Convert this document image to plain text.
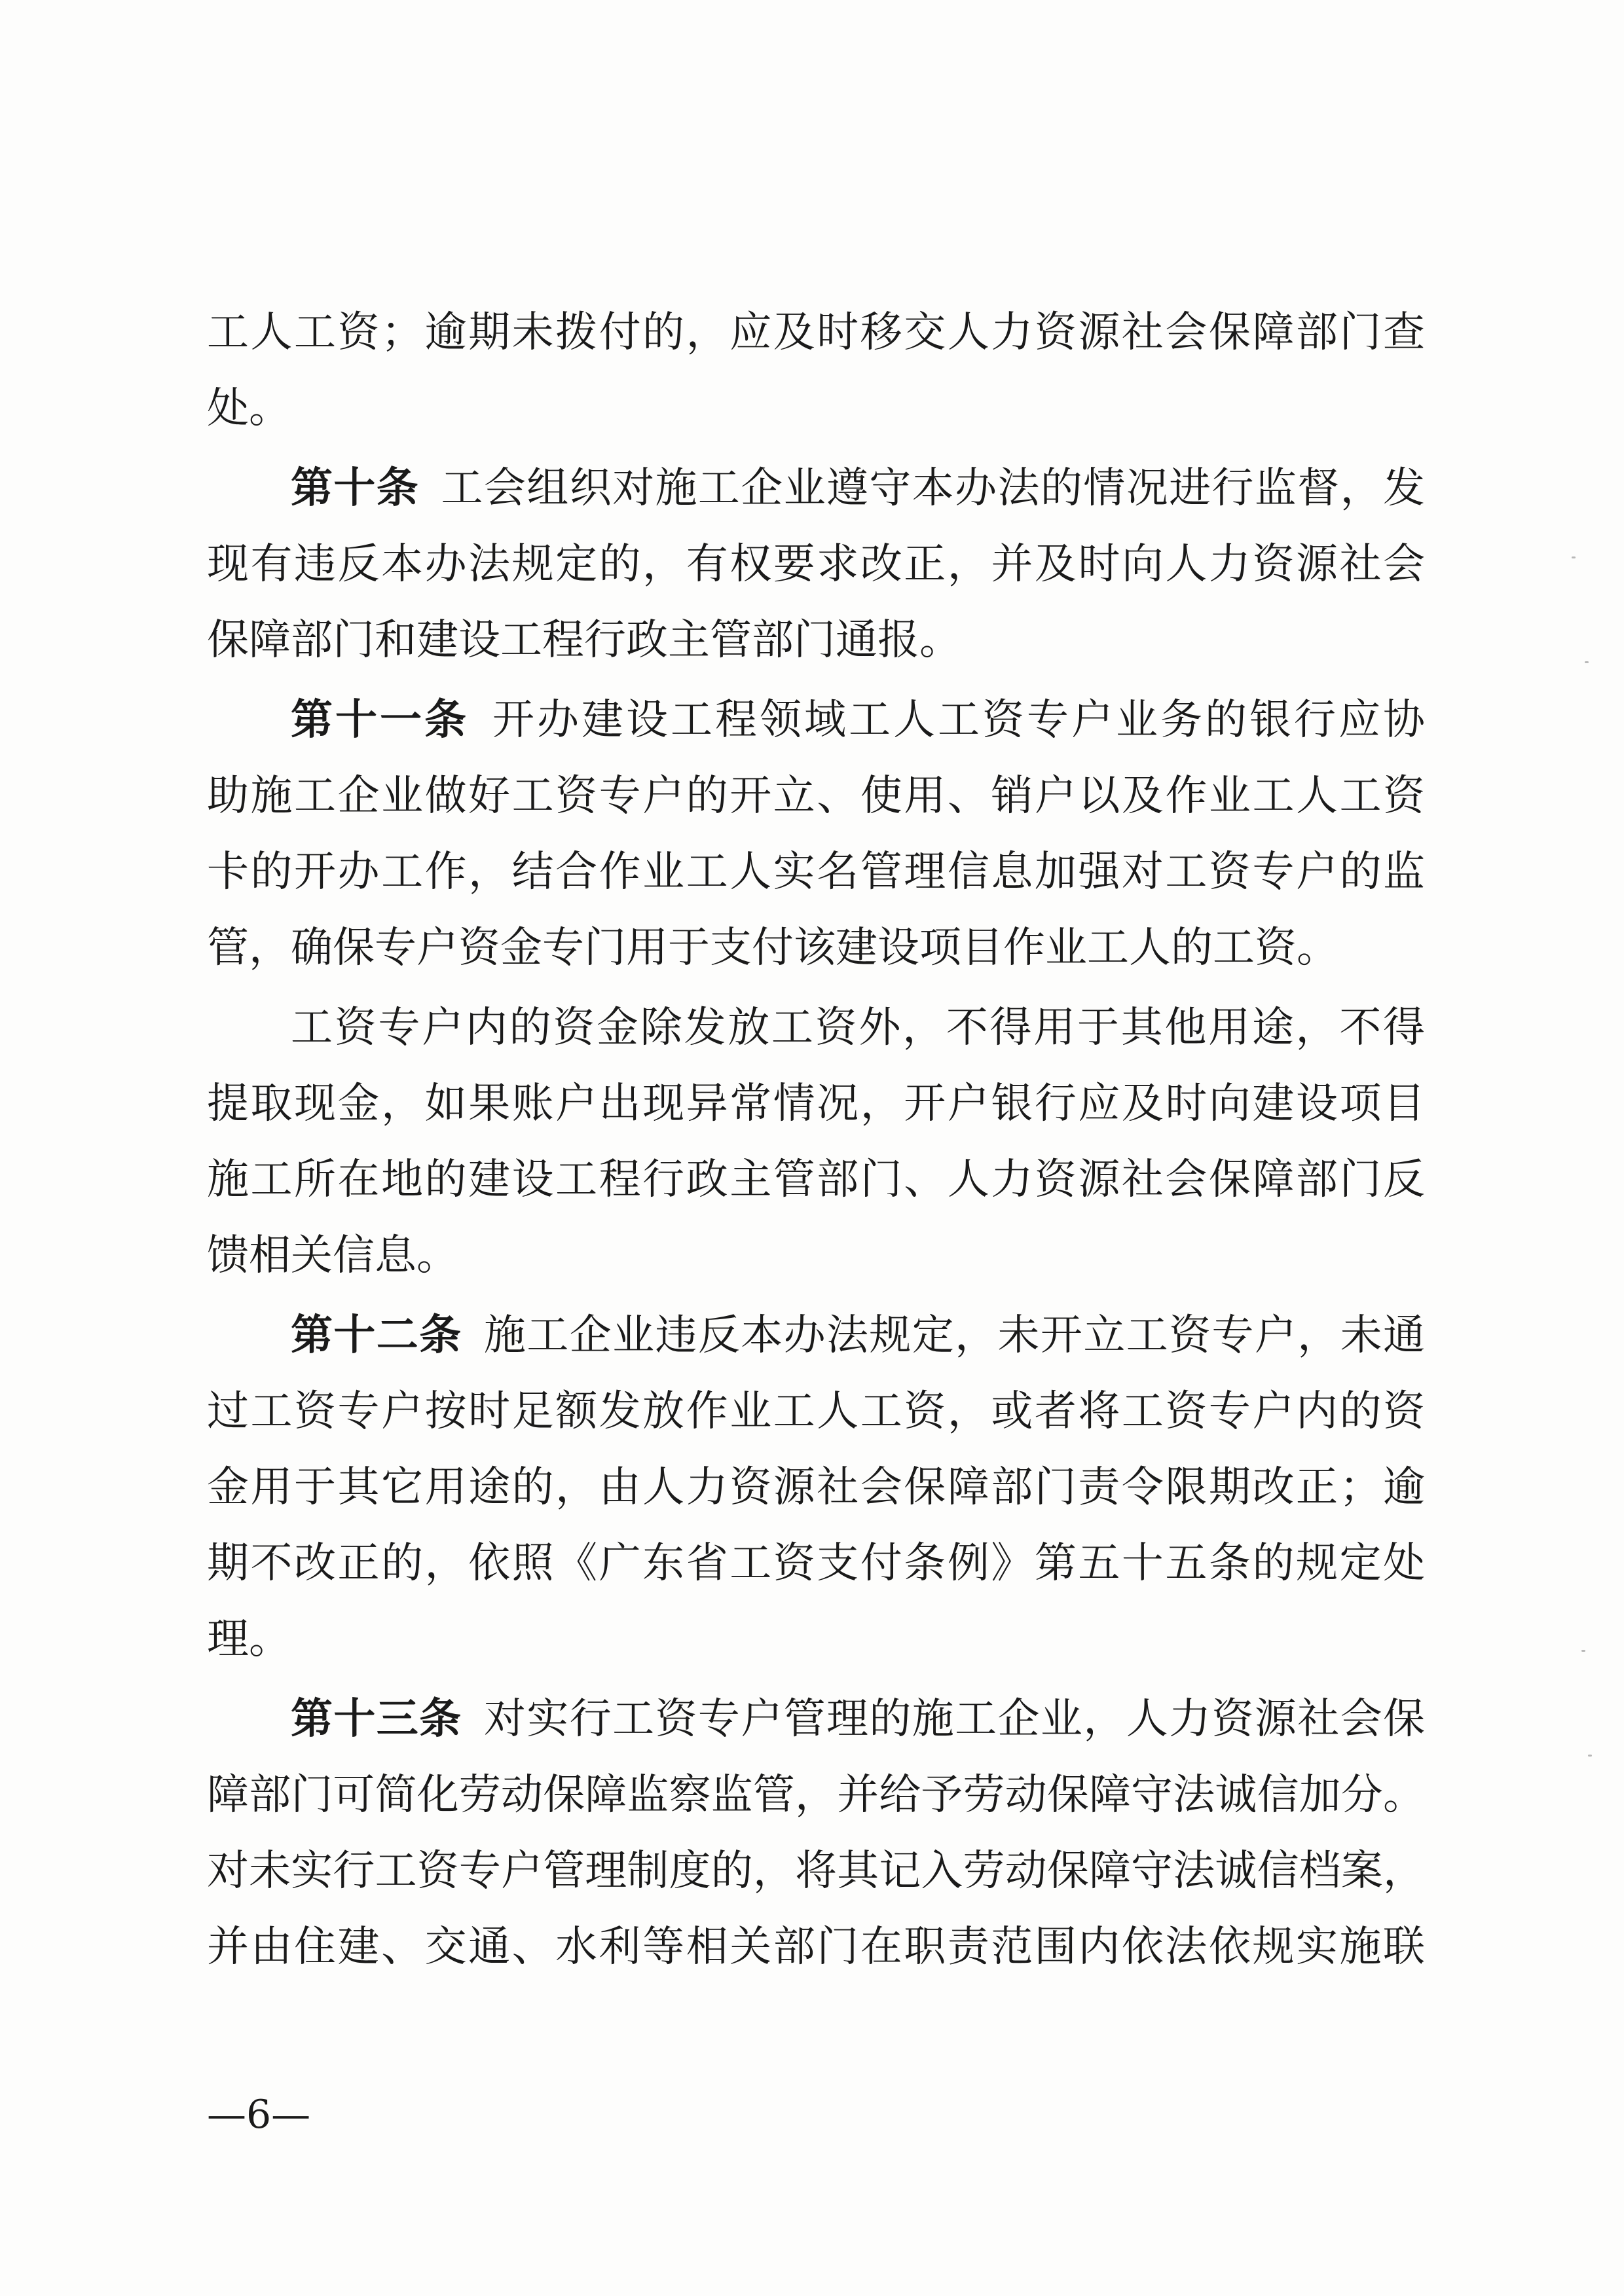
工人工资；逾期未拨付的，应及时移交人力资源社会保障部门查
处。
第十条  工会组织对施工企业遵守本办法的情况进行监督，发
现有违反本办法规定的，有权要求改正，并及时向人力资源社会
保障部门和建设工程行政主管部门通报。
第十一条  开办建设工程领域工人工资专户业务的银行应协
助施工企业做好工资专户的开立、使用、销户以及作业工人工资
卡的开办工作，结合作业工人实名管理信息加强对工资专户的监
管，确保专户资金专门用于支付该建设项目作业工人的工资。
工资专户内的资金除发放工资外，不得用于其他用途，不得
提取现金，如果账户出现异常情况，开户银行应及时向建设项目
施工所在地的建设工程行政主管部门、人力资源社会保障部门反
馈相关信息。
第十二条  施工企业违反本办法规定，未开立工资专户，未通
过工资专户按时足额发放作业工人工资，或者将工资专户内的资
金用于其它用途的，由人力资源社会保障部门责令限期改正；逾
期不改正的，依照《广东省工资支付条例》第五十五条的规定处
理。
第十三条  对实行工资专户管理的施工企业，人力资源社会保
障部门可简化劳动保障监察监管，并给予劳动保障守法诚信加分。
对未实行工资专户管理制度的，将其记入劳动保障守法诚信档案，
并由住建、交通、水利等相关部门在职责范围内依法依规实施联
—6—
